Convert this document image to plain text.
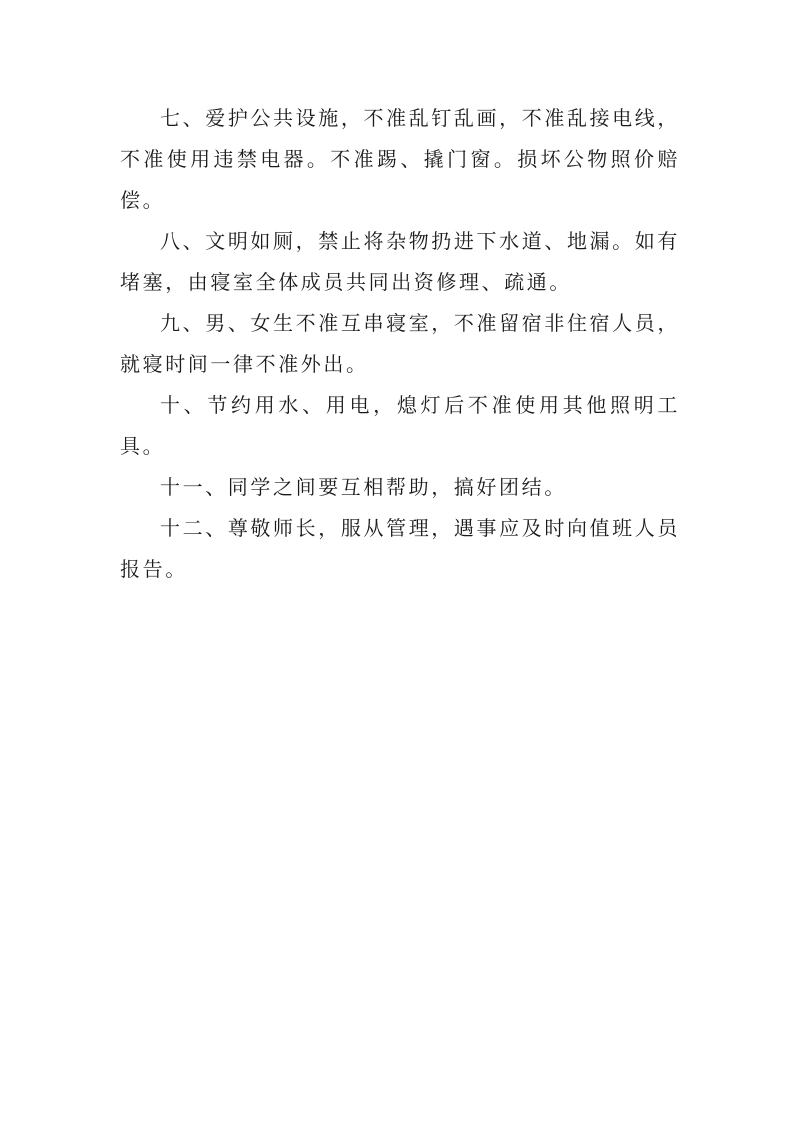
七、爱护公共设施，不准乱钉乱画，不准乱接电线，不准使用违禁电器。不准踢、撬门窗。损坏公物照价赔偿。

八、文明如厕，禁止将杂物扔进下水道、地漏。如有堵塞，由寝室全体成员共同出资修理、疏通。

九、男、女生不准互串寝室，不准留宿非住宿人员，就寝时间一律不准外出。

十、节约用水、用电，熄灯后不准使用其他照明工具。

十一、同学之间要互相帮助，搞好团结。

十二、尊敬师长，服从管理，遇事应及时向值班人员报告。
